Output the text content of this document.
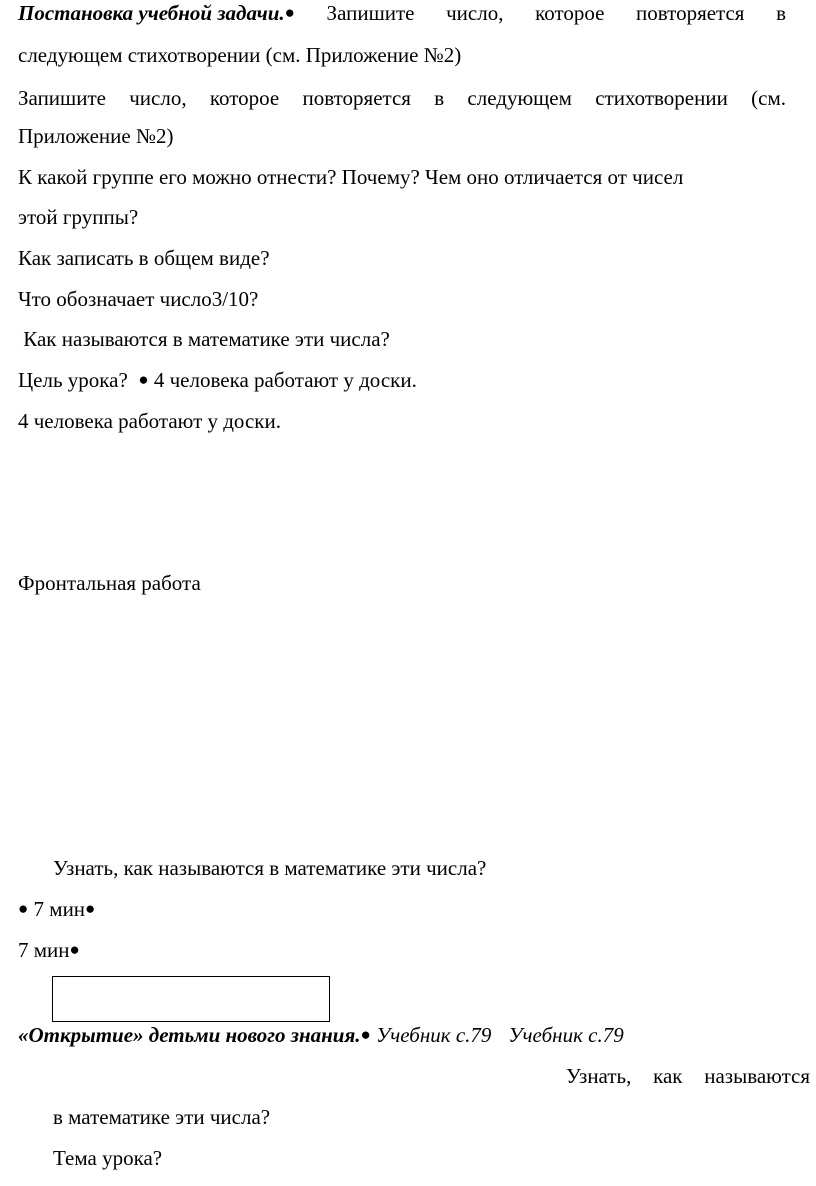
Постановка учебной задачи.● Запишите число, которое повторяется в
следующем стихотворении (см. Приложение №2)
Запишите число, которое повторяется в следующем стихотворении (см.
Приложение №2)
К какой группе его можно отнести? Почему? Чем оно отличается от чисел
этой группы?
Как записать в общем виде?
Что обозначает число3/10?
Как называются в математике эти числа?
Цель урока?  ● 4 человека работают у доски.
4 человека работают у доски.
Фронтальная работа
Узнать, как называются в математике эти числа?
● 7 мин●
7 мин●
«Открытие» детьми нового знания.● Учебник с.79 Учебник с.79
Узнать, как называются
в математике эти числа?
Тема урока?
